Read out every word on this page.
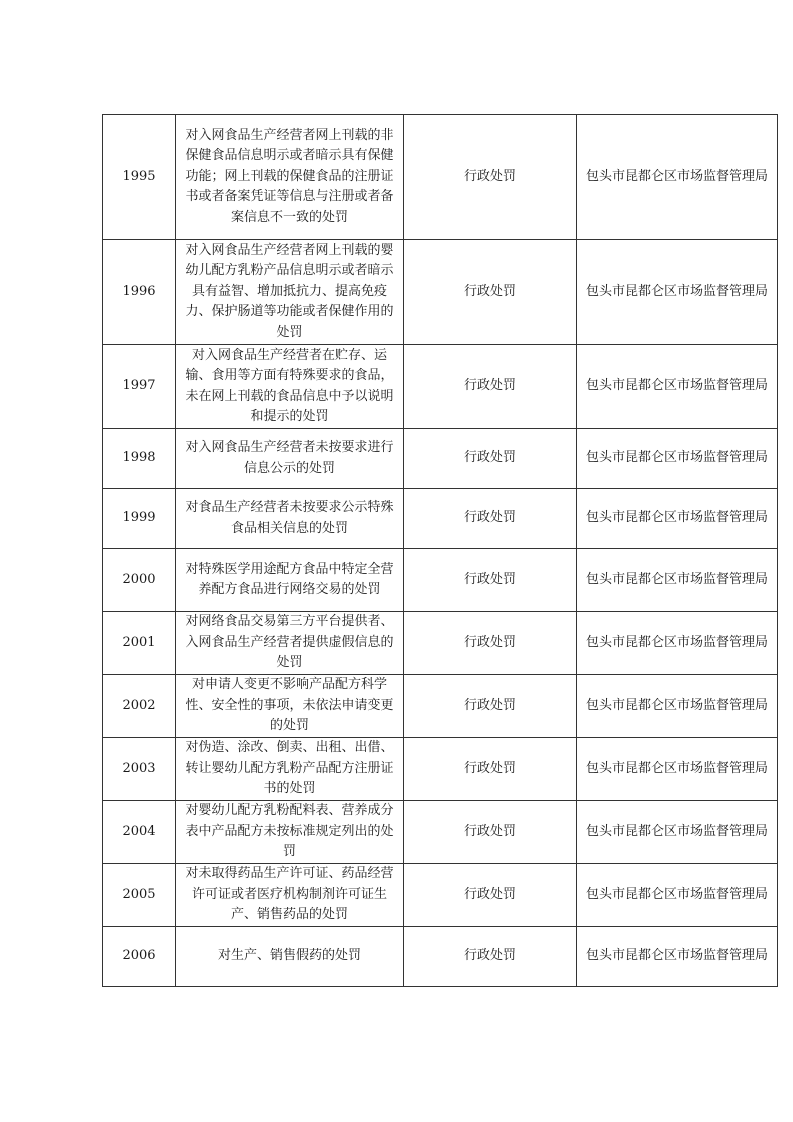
1995	对入网食品生产经营者网上刊载的非保健食品信息明示或者暗示具有保健功能；网上刊载的保健食品的注册证书或者备案凭证等信息与注册或者备案信息不一致的处罚	行政处罚	包头市昆都仑区市场监督管理局
1996	对入网食品生产经营者网上刊载的婴幼儿配方乳粉产品信息明示或者暗示具有益智、增加抵抗力、提高免疫力、保护肠道等功能或者保健作用的处罚	行政处罚	包头市昆都仑区市场监督管理局
1997	对入网食品生产经营者在贮存、运输、食用等方面有特殊要求的食品，未在网上刊载的食品信息中予以说明和提示的处罚	行政处罚	包头市昆都仑区市场监督管理局
1998	对入网食品生产经营者未按要求进行信息公示的处罚	行政处罚	包头市昆都仑区市场监督管理局
1999	对食品生产经营者未按要求公示特殊食品相关信息的处罚	行政处罚	包头市昆都仑区市场监督管理局
2000	对特殊医学用途配方食品中特定全营养配方食品进行网络交易的处罚	行政处罚	包头市昆都仑区市场监督管理局
2001	对网络食品交易第三方平台提供者、入网食品生产经营者提供虚假信息的处罚	行政处罚	包头市昆都仑区市场监督管理局
2002	对申请人变更不影响产品配方科学性、安全性的事项，未依法申请变更的处罚	行政处罚	包头市昆都仑区市场监督管理局
2003	对伪造、涂改、倒卖、出租、出借、转让婴幼儿配方乳粉产品配方注册证书的处罚	行政处罚	包头市昆都仑区市场监督管理局
2004	对婴幼儿配方乳粉配料表、营养成分表中产品配方未按标准规定列出的处罚	行政处罚	包头市昆都仑区市场监督管理局
2005	对未取得药品生产许可证、药品经营许可证或者医疗机构制剂许可证生产、销售药品的处罚	行政处罚	包头市昆都仑区市场监督管理局
2006	对生产、销售假药的处罚	行政处罚	包头市昆都仑区市场监督管理局
